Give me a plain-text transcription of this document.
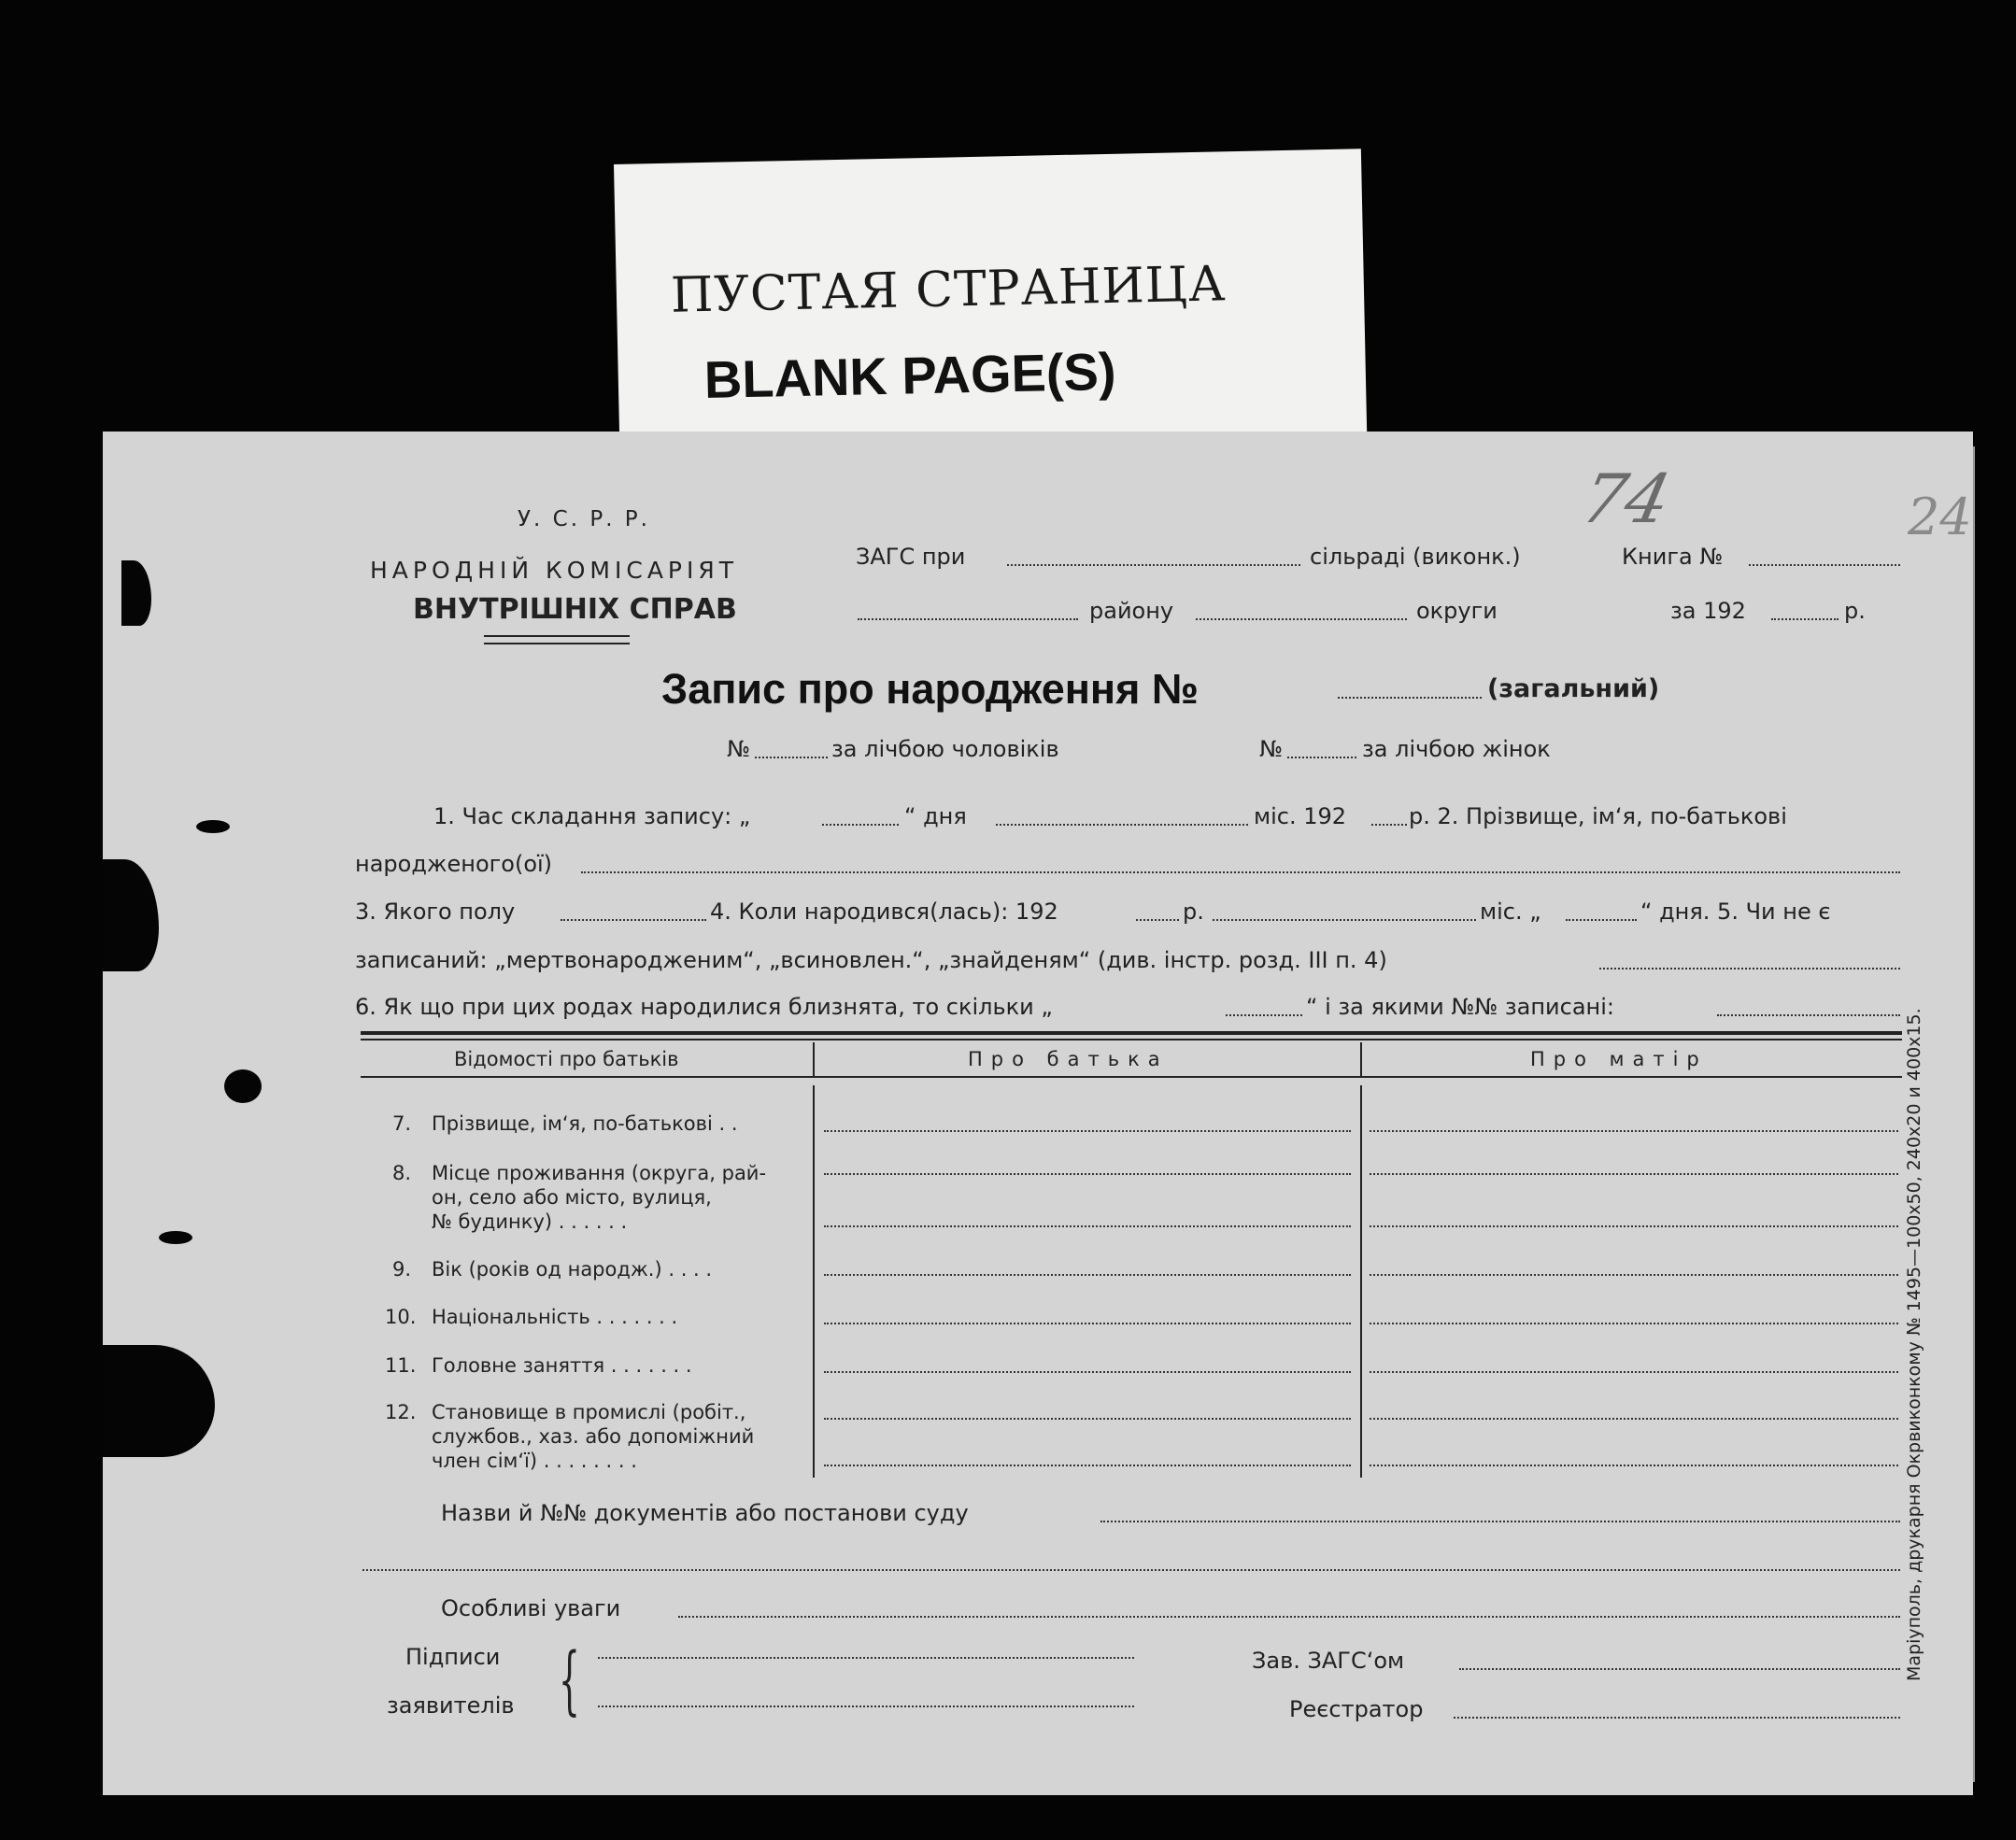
ПУСТАЯ СТРАНИЦА
BLANK PAGE(S)
74	24
У. С. Р. Р.
НАРОДНІЙ КОМІСАРІЯТ
ВНУТРІШНІХ СПРАВ
ЗАГС при	сільраді (виконк.)	Книга №
району	округи	за 192	р.
Запис про народження №	(загальний)
№	за лічбою чоловіків	№	за лічбою жінок
1. Час складання запису: „	“ дня	міс. 192	р. 2. Прізвище, ім‘я, по-батькові
народженого(ої)
3. Якого полу	4. Коли народився(лась): 192	р.	міс. „	“ дня. 5. Чи не є
записаний: „мертвонародженим“, „всиновлен.“, „знайденям“ (див. інстр. розд. III п. 4)
6. Як що при цих родах народилися близнята, то скільки „	“ і за якими №№ записані:
Відомості про батьків	Про батька	Про матір
7. Прізвище, ім‘я, по-батькові . .
8. Місце проживання (округа, рай-
он, село або місто, вулиця,
№ будинку) . . . . . .
9. Вік (років од народж.) . . . .
10. Національність . . . . . . .
11. Головне заняття . . . . . . .
12. Становище в промислі (робіт.,
службов., хаз. або допоміжний
член сім‘ї) . . . . . . . .
Назви й №№ документів або постанови суду
Особливі уваги
Підписи
заявителів {	Зав. ЗАГС‘ом
Реєстратор
Маріуполь, друкарня Окрвиконкому № 1495—100x50, 240x20 и 400x15.
